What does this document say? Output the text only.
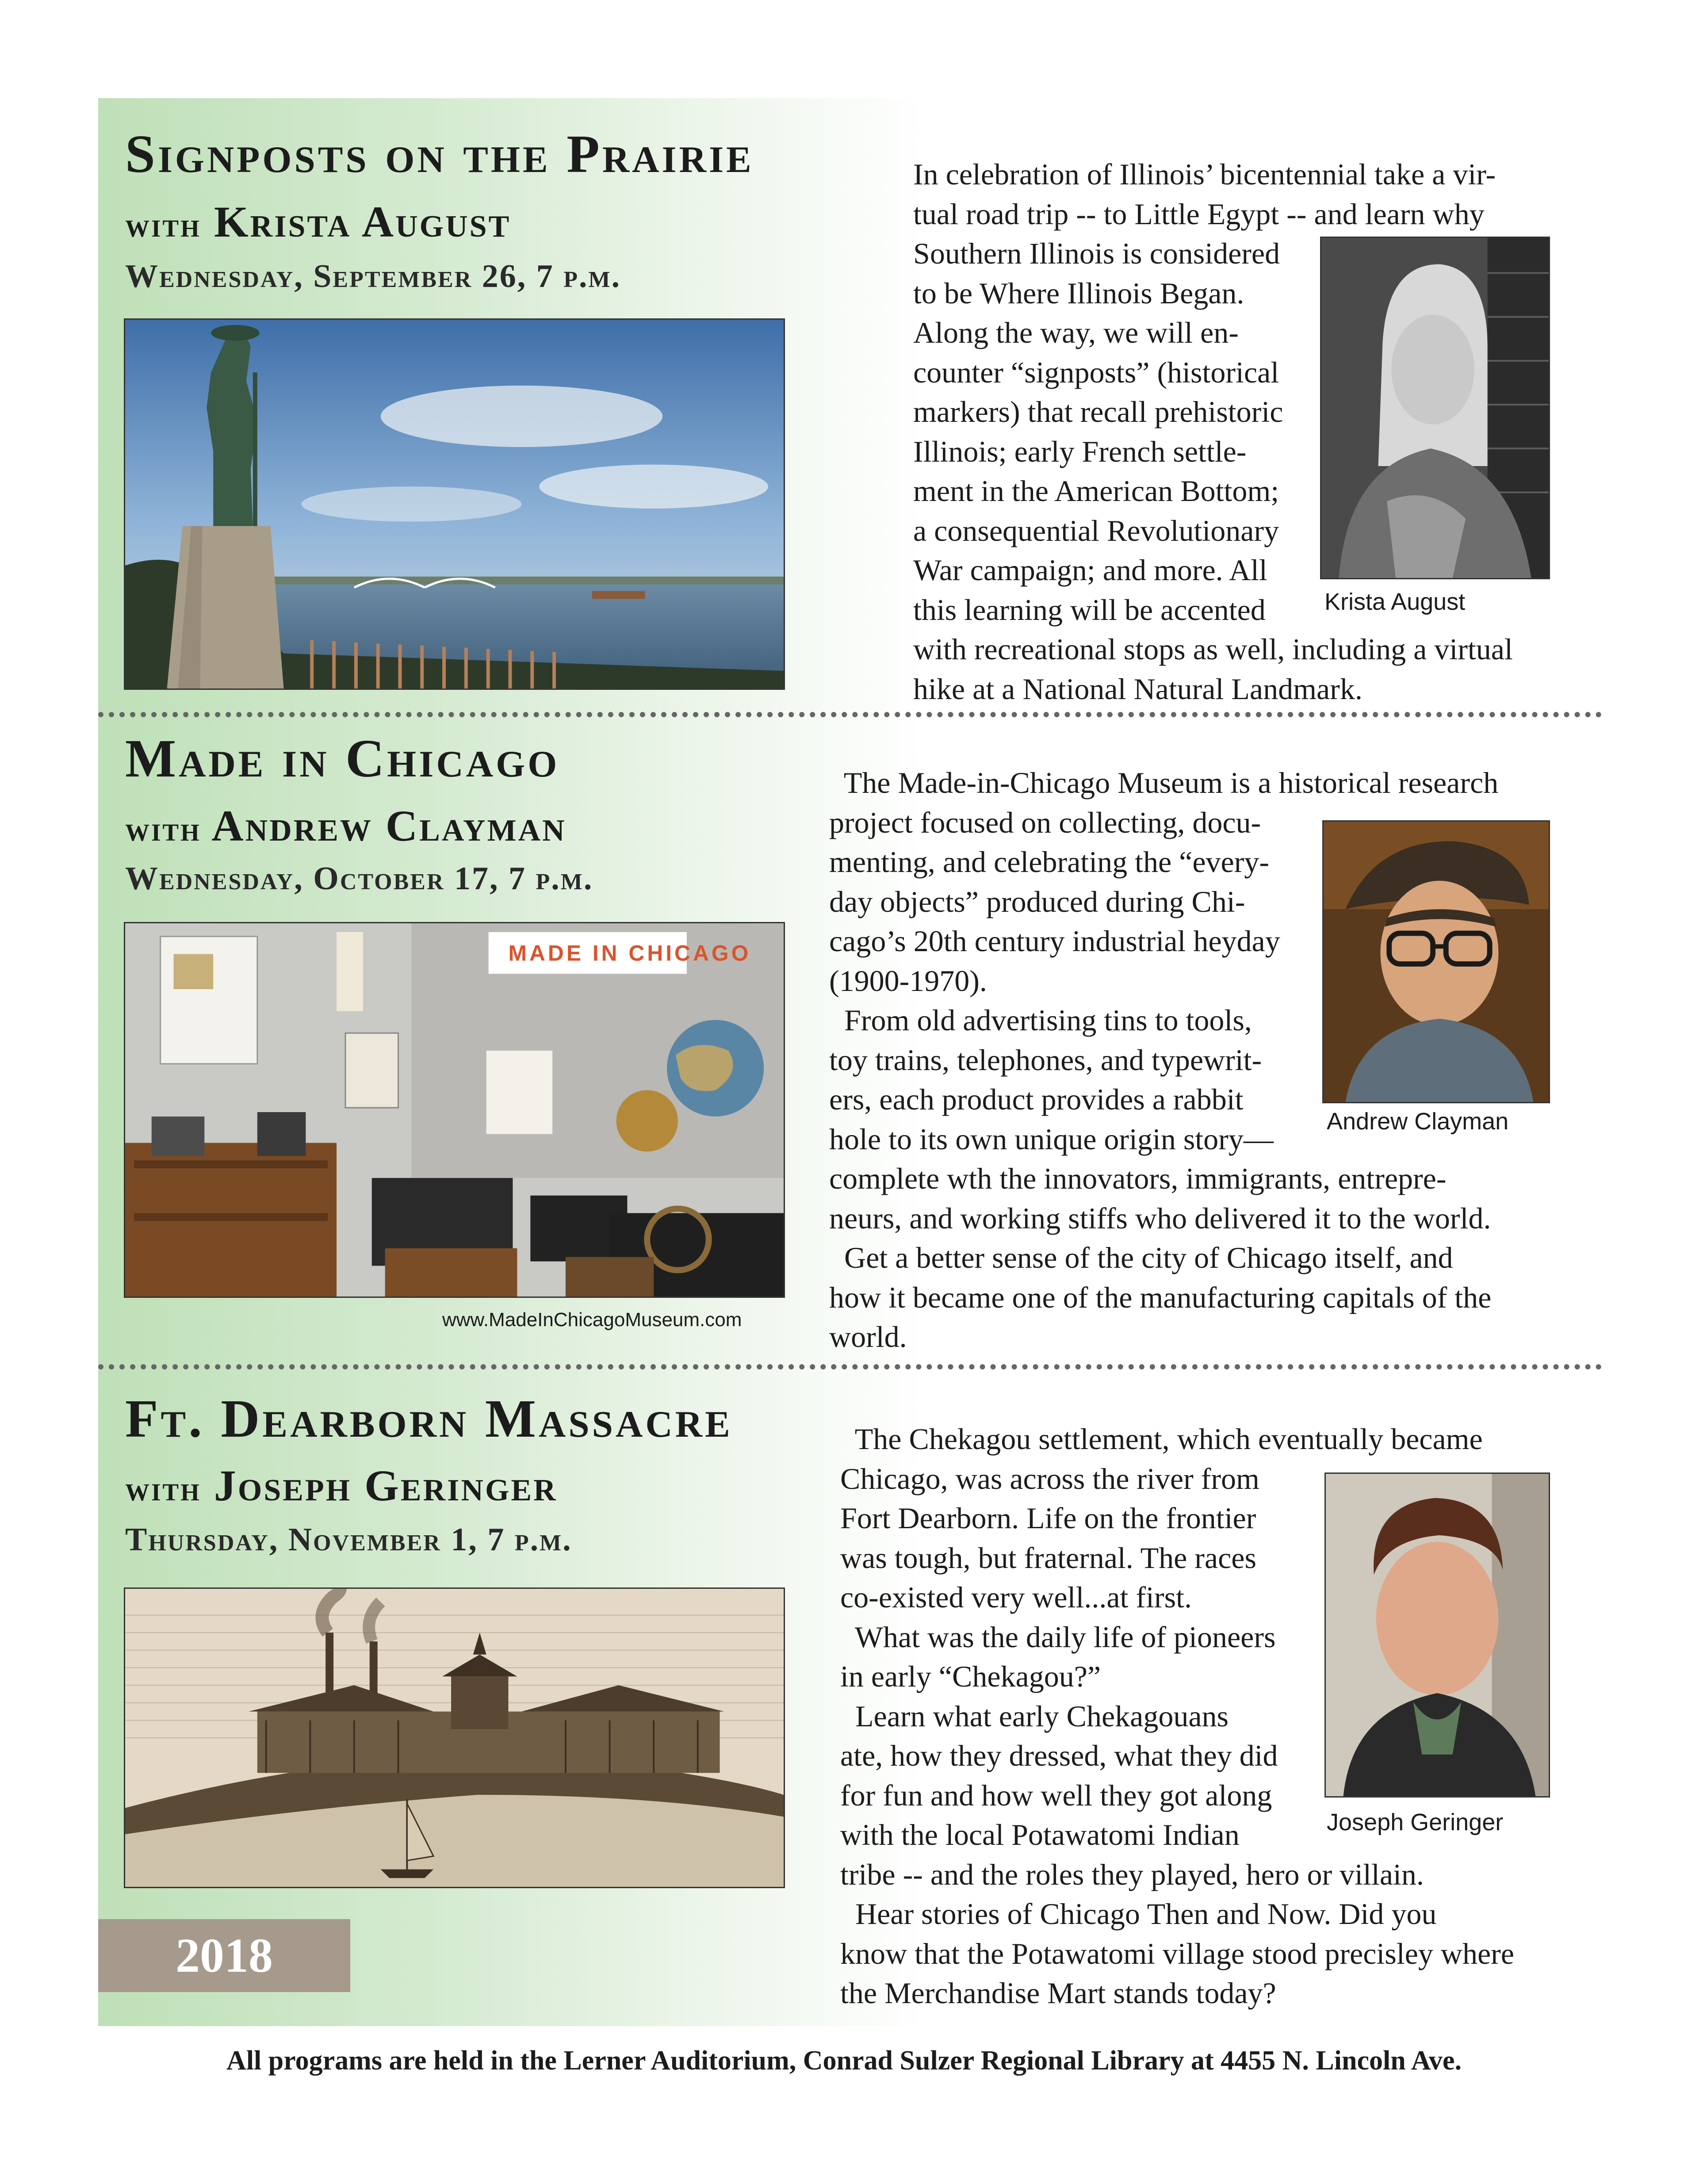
Signposts on the Prairie
with Krista August
Wednesday, September 26, 7 p.m.
In celebration of Illinois’ bicentennial take a vir-
tual road trip -- to Little Egypt -- and learn why
Southern Illinois is considered
to be Where Illinois Began.
Along the way, we will en-
counter “signposts” (historical
markers) that recall prehistoric
Illinois; early French settle-
ment in the American Bottom;
a consequential Revolutionary
War campaign; and more. All
this learning will be accented
with recreational stops as well, including a virtual
hike at a National Natural Landmark.

Krista August

Made in Chicago
with Andrew Clayman
Wednesday, October 17, 7 p.m.
MADE IN CHICAGO

www.MadeInChicagoMuseum.com

The Made-in-Chicago Museum is a historical research
project focused on collecting, docu-
menting, and celebrating the “every-
day objects” produced during Chi-
cago’s 20th century industrial heyday
(1900-1970).
From old advertising tins to tools,
toy trains, telephones, and typewrit-
ers, each product provides a rabbit
hole to its own unique origin story—
complete wth the innovators, immigrants, entrepre-
neurs, and working stiffs who delivered it to the world.
Get a better sense of the city of Chicago itself, and
how it became one of the manufacturing capitals of the
world.

Andrew Clayman

Ft. Dearborn Massacre
with Joseph Geringer
Thursday, November 1, 7 p.m.
The Chekagou settlement, which eventually became
Chicago, was across the river from
Fort Dearborn. Life on the frontier
was tough, but fraternal. The races
co-existed very well...at first.
What was the daily life of pioneers
in early “Chekagou?”
Learn what early Chekagouans
ate, how they dressed, what they did
for fun and how well they got along
with the local Potawatomi Indian
tribe -- and the roles they played, hero or villain.
Hear stories of Chicago Then and Now. Did you
know that the Potawatomi village stood precisley where
the Merchandise Mart stands today?

Joseph Geringer

2018

All programs are held in the Lerner Auditorium, Conrad Sulzer Regional Library at 4455 N. Lincoln Ave.
